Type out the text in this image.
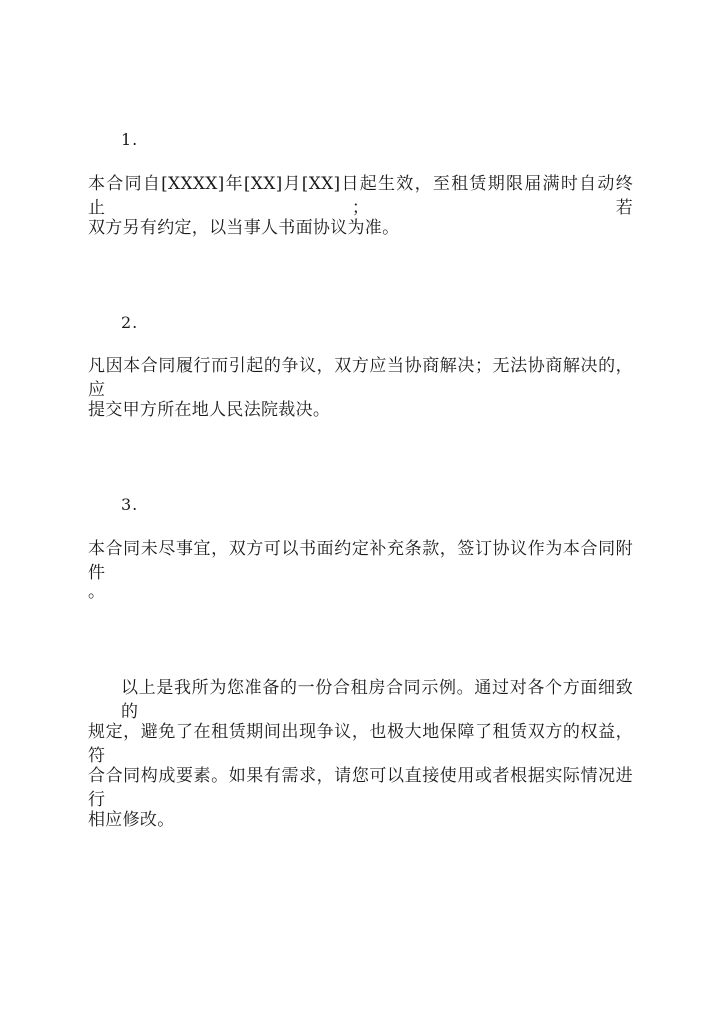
1.
本合同自[XXXX]年[XX]月[XX]日起生效，至租赁期限届满时自动终止；若
双方另有约定，以当事人书面协议为准。
2.
凡因本合同履行而引起的争议，双方应当协商解决；无法协商解决的，应
提交甲方所在地人民法院裁决。
3.
本合同未尽事宜，双方可以书面约定补充条款，签订协议作为本合同附件
。
以上是我所为您准备的一份合租房合同示例。通过对各个方面细致的
规定，避免了在租赁期间出现争议，也极大地保障了租赁双方的权益，符
合合同构成要素。如果有需求，请您可以直接使用或者根据实际情况进行
相应修改。
